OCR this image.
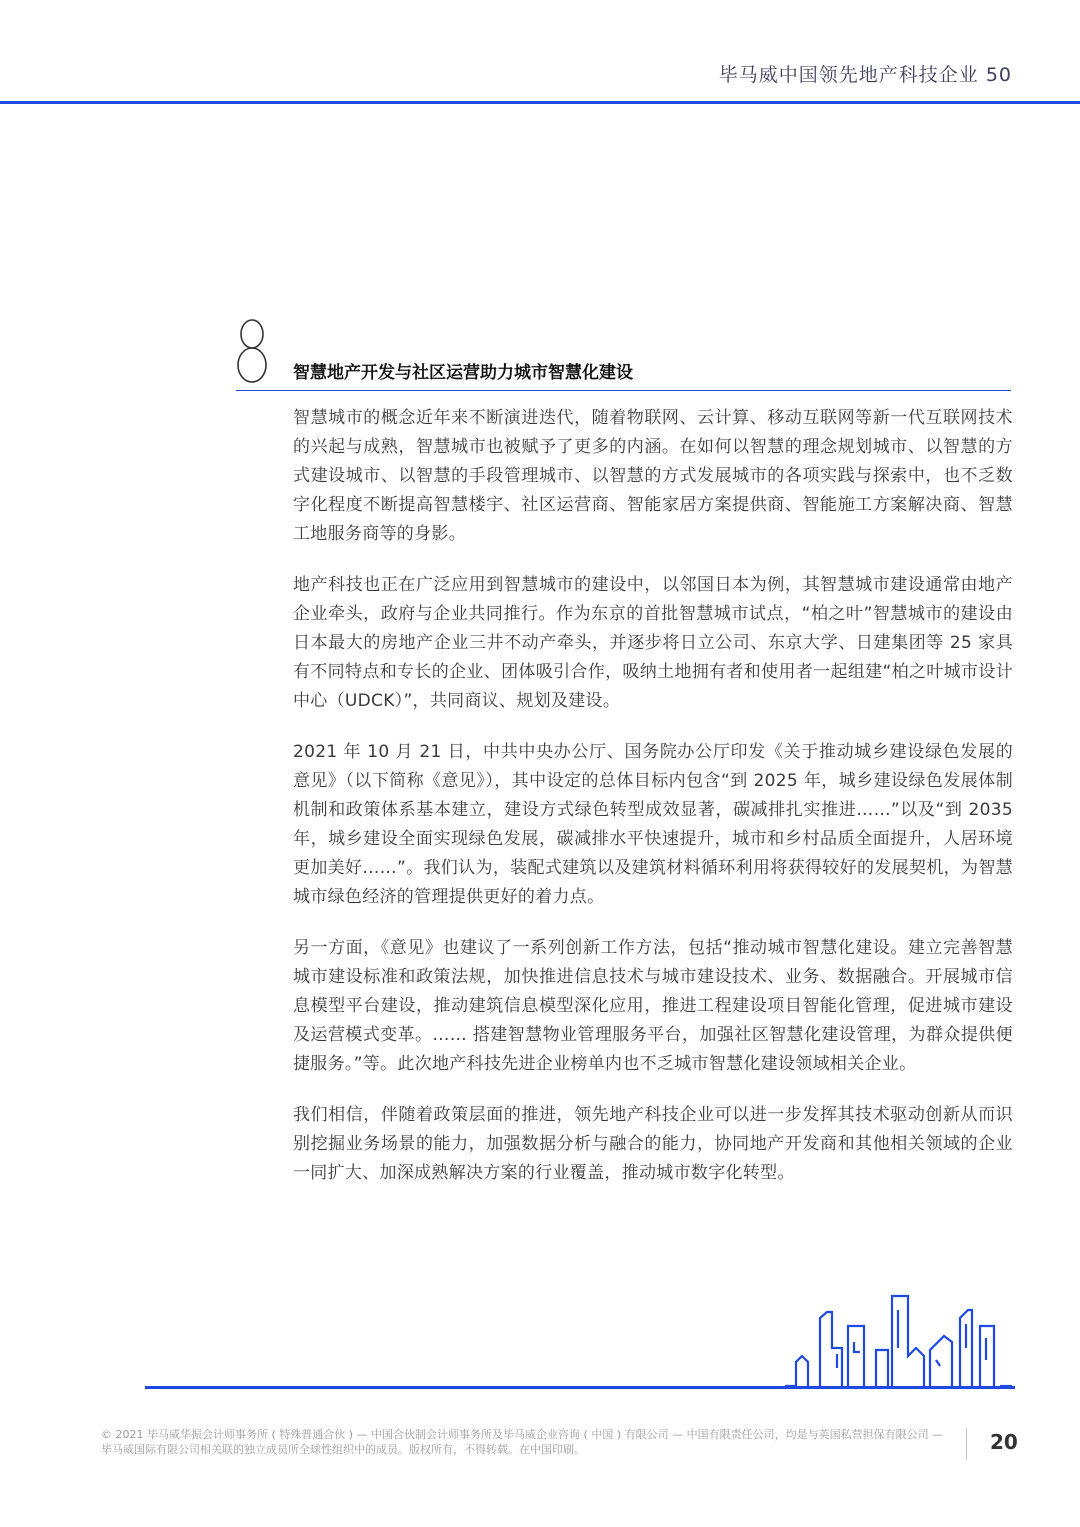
毕马威中国领先地产科技企业 50
智慧地产开发与社区运营助力城市智慧化建设

智慧城市的概念近年来不断演进迭代，随着物联网、云计算、移动互联网等新一代互联网技术的兴起与成熟，智慧城市也被赋予了更多的内涵。在如何以智慧的理念规划城市、以智慧的方式建设城市、以智慧的手段管理城市、以智慧的方式发展城市的各项实践与探索中，也不乏数字化程度不断提高智慧楼宇、社区运营商、智能家居方案提供商、智能施工方案解决商、智慧工地服务商等的身影。

地产科技也正在广泛应用到智慧城市的建设中，以邻国日本为例，其智慧城市建设通常由地产企业牵头，政府与企业共同推行。作为东京的首批智慧城市试点，“柏之叶”智慧城市的建设由日本最大的房地产企业三井不动产牵头，并逐步将日立公司、东京大学、日建集团等 25 家具有不同特点和专长的企业、团体吸引合作，吸纳土地拥有者和使用者一起组建“柏之叶城市设计中心（UDCK）”，共同商议、规划及建设。

2021 年 10 月 21 日，中共中央办公厅、国务院办公厅印发《关于推动城乡建设绿色发展的意见》（以下简称《意见》），其中设定的总体目标内包含“到 2025 年，城乡建设绿色发展体制机制和政策体系基本建立，建设方式绿色转型成效显著，碳减排扎实推进……”以及“到 2035 年，城乡建设全面实现绿色发展，碳减排水平快速提升，城市和乡村品质全面提升，人居环境更加美好……”。我们认为，装配式建筑以及建筑材料循环利用将获得较好的发展契机，为智慧城市绿色经济的管理提供更好的着力点。

另一方面，《意见》也建议了一系列创新工作方法，包括“推动城市智慧化建设。建立完善智慧城市建设标准和政策法规，加快推进信息技术与城市建设技术、业务、数据融合。开展城市信息模型平台建设，推动建筑信息模型深化应用，推进工程建设项目智能化管理，促进城市建设及运营模式变革。…… 搭建智慧物业管理服务平台，加强社区智慧化建设管理，为群众提供便捷服务。”等。此次地产科技先进企业榜单内也不乏城市智慧化建设领域相关企业。

我们相信，伴随着政策层面的推进，领先地产科技企业可以进一步发挥其技术驱动创新从而识别挖掘业务场景的能力，加强数据分析与融合的能力，协同地产开发商和其他相关领域的企业一同扩大、加深成熟解决方案的行业覆盖，推动城市数字化转型。

© 2021 毕马威华振会计师事务所 ( 特殊普通合伙 ) — 中国合伙制会计师事务所及毕马威企业咨询 ( 中国 ) 有限公司 — 中国有限责任公司，均是与英国私营担保有限公司 — 毕马威国际有限公司相关联的独立成员所全球性组织中的成员。版权所有，不得转载。在中国印刷。	20
